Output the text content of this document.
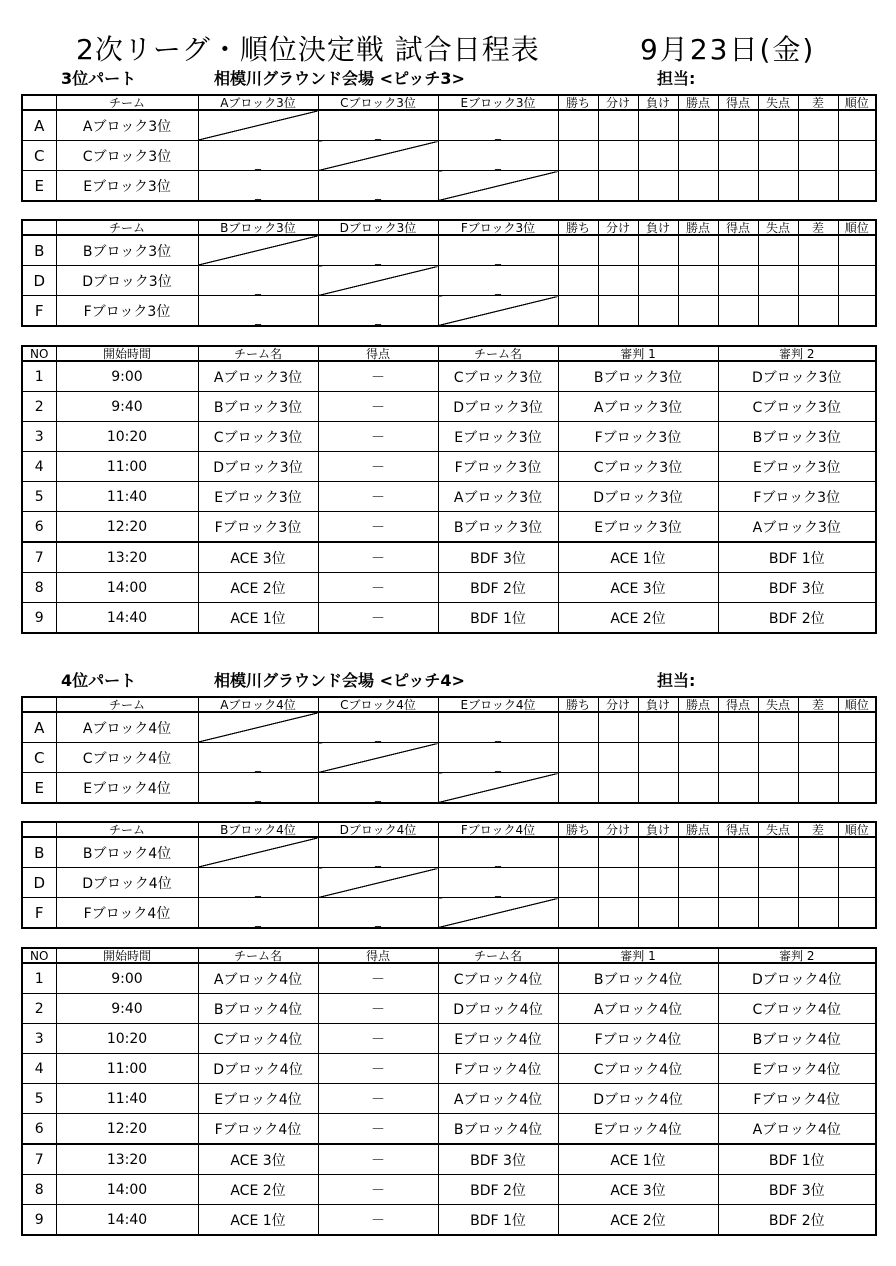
2次リーグ・順位決定戦 試合日程表	9月23日(金)
3位パート	相模川グラウンド会場 <ピッチ3>	担当:
	チーム	Aブロック3位	Cブロック3位	Eブロック3位	勝ち	分け	負け	勝点	得点	失点	差	順位
A	Aブロック3位		_	_								
C	Cブロック3位	_		_								
E	Eブロック3位	_	_									
	チーム	Bブロック3位	Dブロック3位	Fブロック3位	勝ち	分け	負け	勝点	得点	失点	差	順位
B	Bブロック3位		_	_								
D	Dブロック3位	_		_								
F	Fブロック3位	_	_									
NO	開始時間	チーム名	得点	チーム名	審判 1	審判 2
1	9:00	Aブロック3位	－	Cブロック3位	Bブロック3位	Dブロック3位
2	9:40	Bブロック3位	－	Dブロック3位	Aブロック3位	Cブロック3位
3	10:20	Cブロック3位	－	Eブロック3位	Fブロック3位	Bブロック3位
4	11:00	Dブロック3位	－	Fブロック3位	Cブロック3位	Eブロック3位
5	11:40	Eブロック3位	－	Aブロック3位	Dブロック3位	Fブロック3位
6	12:20	Fブロック3位	－	Bブロック3位	Eブロック3位	Aブロック3位
7	13:20	ACE 3位	－	BDF 3位	ACE 1位	BDF 1位
8	14:00	ACE 2位	－	BDF 2位	ACE 3位	BDF 3位
9	14:40	ACE 1位	－	BDF 1位	ACE 2位	BDF 2位
4位パート	相模川グラウンド会場 <ピッチ4>	担当:
	チーム	Aブロック4位	Cブロック4位	Eブロック4位	勝ち	分け	負け	勝点	得点	失点	差	順位
A	Aブロック4位		_	_								
C	Cブロック4位	_		_								
E	Eブロック4位	_	_									
	チーム	Bブロック4位	Dブロック4位	Fブロック4位	勝ち	分け	負け	勝点	得点	失点	差	順位
B	Bブロック4位		_	_								
D	Dブロック4位	_		_								
F	Fブロック4位	_	_									
NO	開始時間	チーム名	得点	チーム名	審判 1	審判 2
1	9:00	Aブロック4位	－	Cブロック4位	Bブロック4位	Dブロック4位
2	9:40	Bブロック4位	－	Dブロック4位	Aブロック4位	Cブロック4位
3	10:20	Cブロック4位	－	Eブロック4位	Fブロック4位	Bブロック4位
4	11:00	Dブロック4位	－	Fブロック4位	Cブロック4位	Eブロック4位
5	11:40	Eブロック4位	－	Aブロック4位	Dブロック4位	Fブロック4位
6	12:20	Fブロック4位	－	Bブロック4位	Eブロック4位	Aブロック4位
7	13:20	ACE 3位	－	BDF 3位	ACE 1位	BDF 1位
8	14:00	ACE 2位	－	BDF 2位	ACE 3位	BDF 3位
9	14:40	ACE 1位	－	BDF 1位	ACE 2位	BDF 2位
